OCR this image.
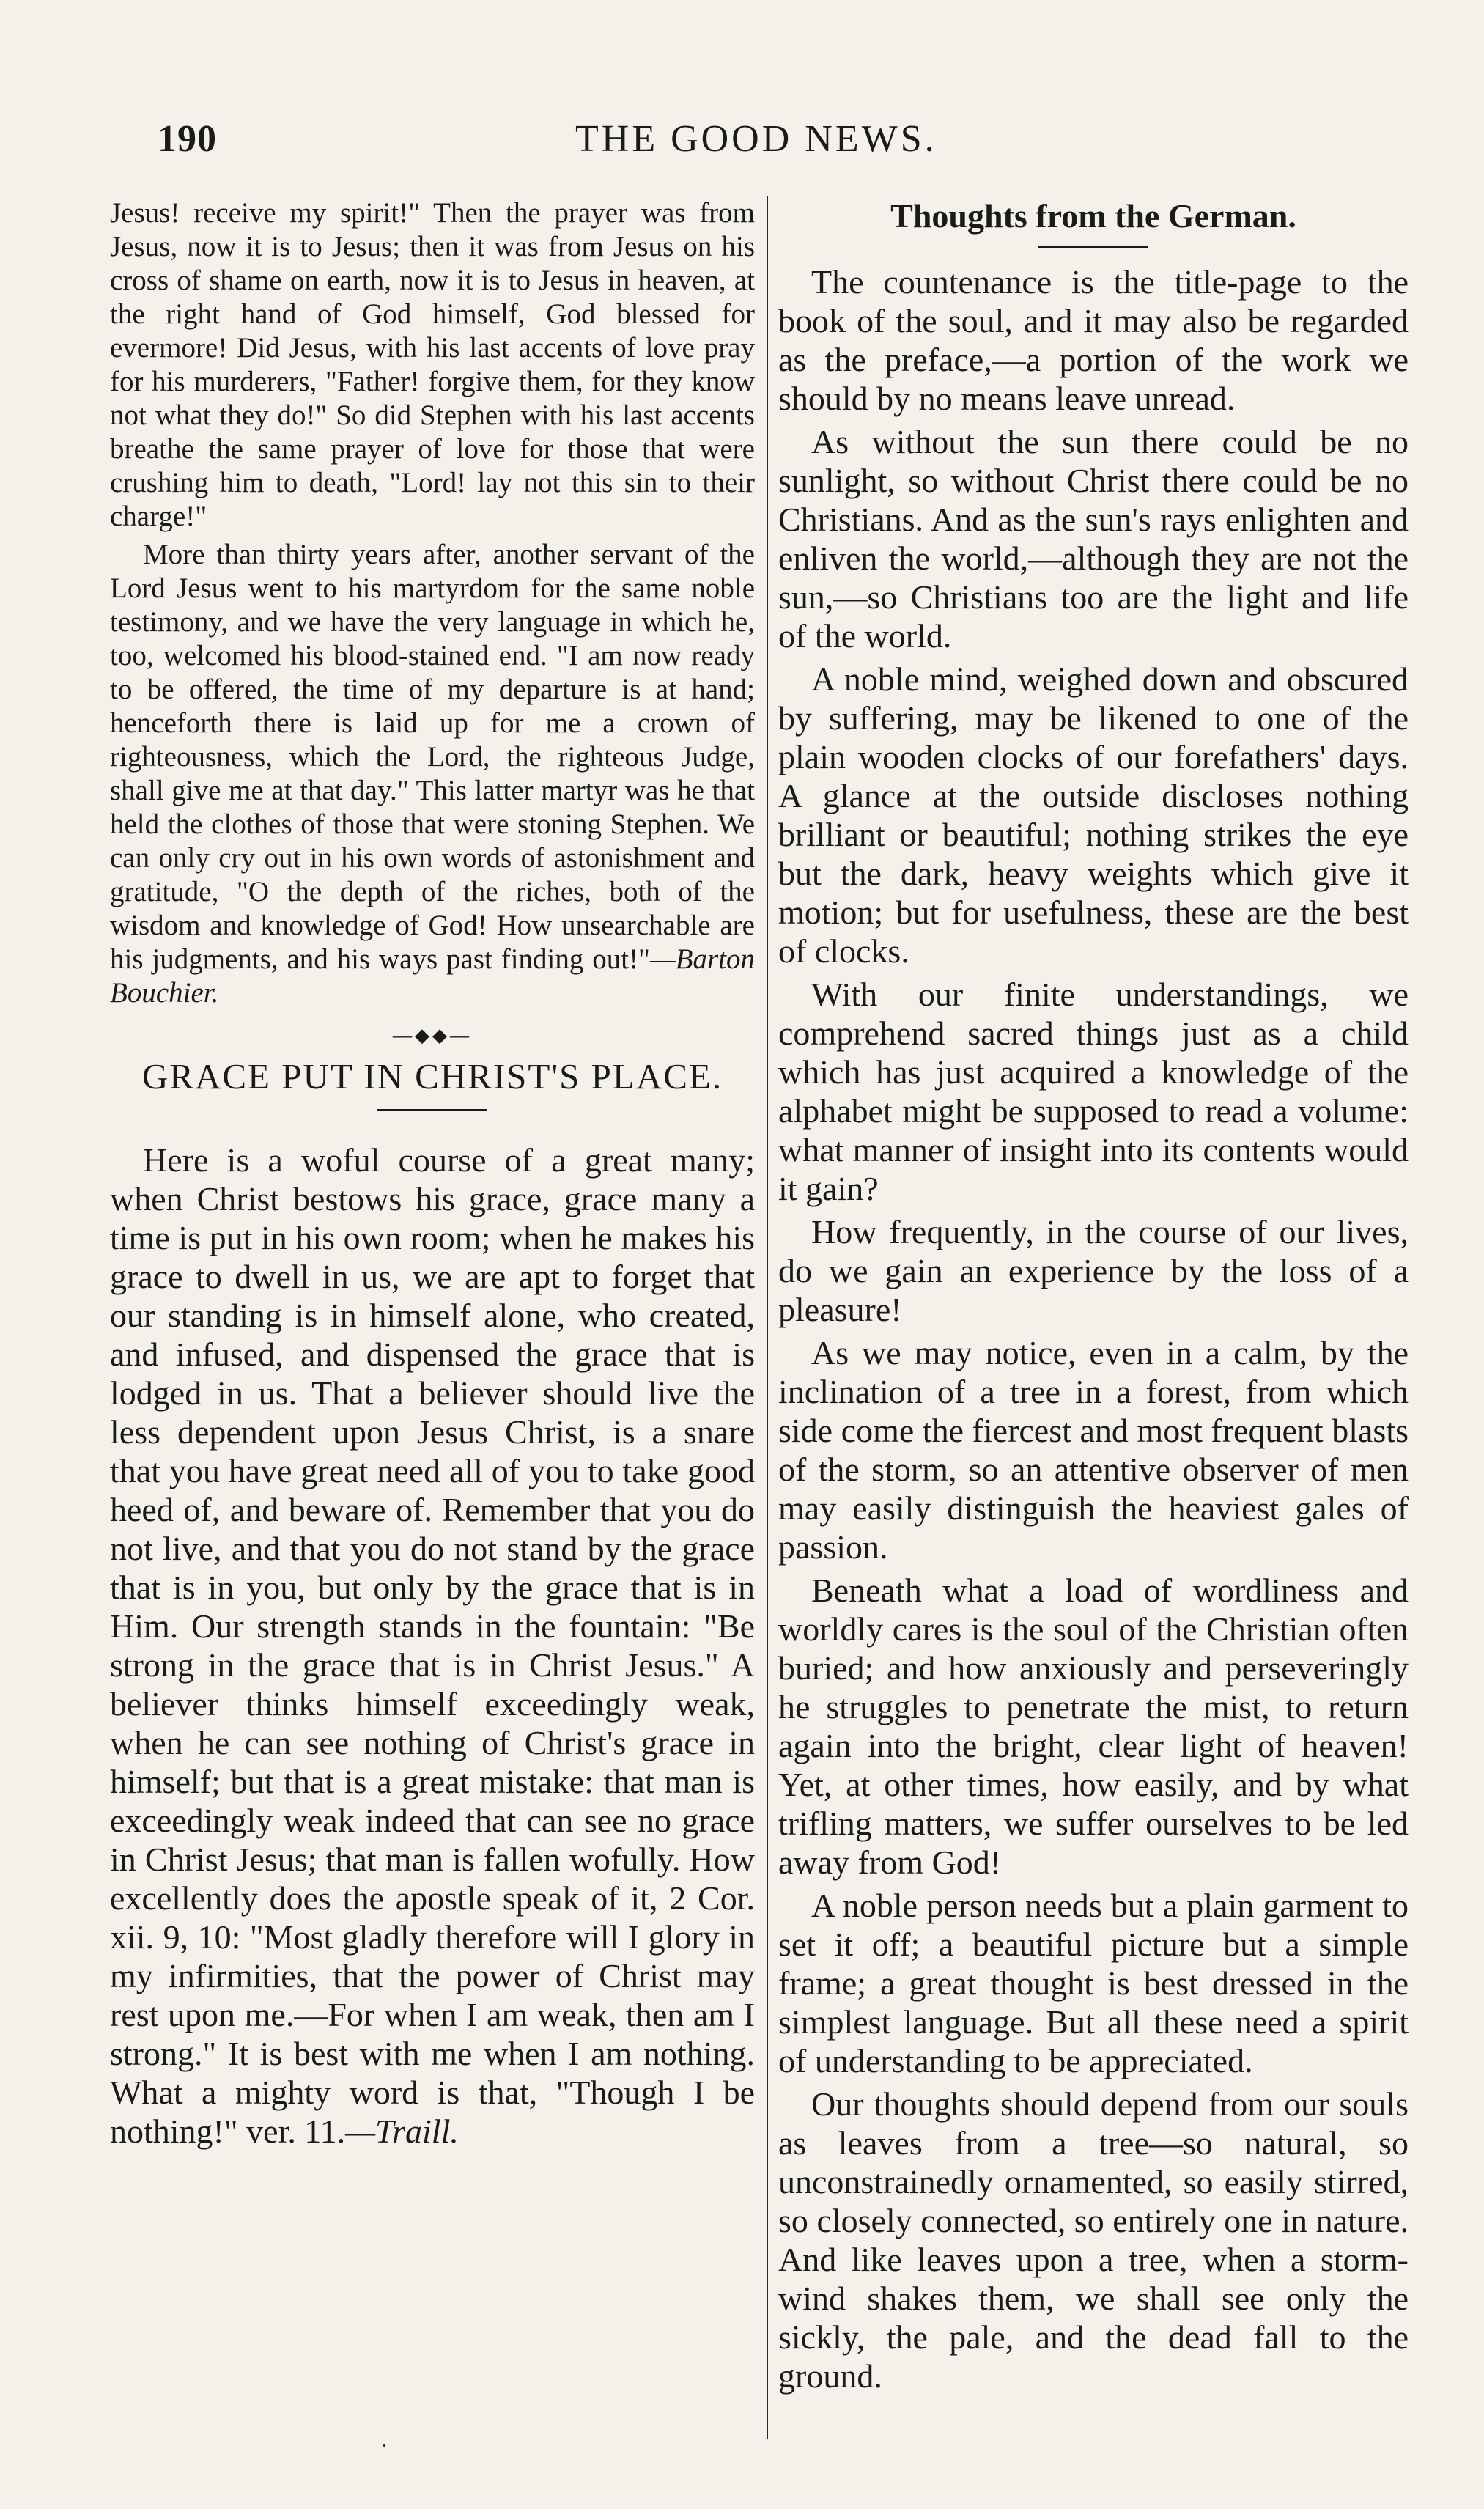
190	THE GOOD NEWS.

Jesus! receive my spirit!" Then the prayer was from Jesus, now it is to Jesus; then it was from Jesus on his cross of shame on earth, now it is to Jesus in heaven, at the right hand of God himself, God blessed for evermore! Did Jesus, with his last accents of love pray for his murderers, "Father! forgive them, for they know not what they do!" So did Stephen with his last accents breathe the same prayer of love for those that were crushing him to death, "Lord! lay not this sin to their charge!"

More than thirty years after, another servant of the Lord Jesus went to his martyrdom for the same noble testimony, and we have the very language in which he, too, welcomed his blood-stained end. "I am now ready to be offered, the time of my departure is at hand; henceforth there is laid up for me a crown of righteousness, which the Lord, the righteous Judge, shall give me at that day." This latter martyr was he that held the clothes of those that were stoning Stephen. We can only cry out in his own words of astonishment and gratitude, "O the depth of the riches, both of the wisdom and knowledge of God! How unsearchable are his judgments, and his ways past finding out!"—Barton Bouchier.

—◆◆—
GRACE PUT IN CHRIST'S PLACE.

Here is a woful course of a great many; when Christ bestows his grace, grace many a time is put in his own room; when he makes his grace to dwell in us, we are apt to forget that our standing is in himself alone, who created, and infused, and dispensed the grace that is lodged in us. That a believer should live the less dependent upon Jesus Christ, is a snare that you have great need all of you to take good heed of, and beware of. Remember that you do not live, and that you do not stand by the grace that is in you, but only by the grace that is in Him. Our strength stands in the fountain: "Be strong in the grace that is in Christ Jesus." A believer thinks himself exceedingly weak, when he can see nothing of Christ's grace in himself; but that is a great mistake: that man is exceedingly weak indeed that can see no grace in Christ Jesus; that man is fallen wofully. How excellently does the apostle speak of it, 2 Cor. xii. 9, 10: "Most gladly therefore will I glory in my infirmities, that the power of Christ may rest upon me.—For when I am weak, then am I strong." It is best with me when I am nothing. What a mighty word is that, "Though I be nothing!" ver. 11.—Traill.

Thoughts from the German.

The countenance is the title-page to the book of the soul, and it may also be regarded as the preface,—a portion of the work we should by no means leave unread.

As without the sun there could be no sunlight, so without Christ there could be no Christians. And as the sun's rays enlighten and enliven the world,—although they are not the sun,—so Christians too are the light and life of the world.

A noble mind, weighed down and obscured by suffering, may be likened to one of the plain wooden clocks of our forefathers' days. A glance at the outside discloses nothing brilliant or beautiful; nothing strikes the eye but the dark, heavy weights which give it motion; but for usefulness, these are the best of clocks.

With our finite understandings, we comprehend sacred things just as a child which has just acquired a knowledge of the alphabet might be supposed to read a volume: what manner of insight into its contents would it gain?

How frequently, in the course of our lives, do we gain an experience by the loss of a pleasure!

As we may notice, even in a calm, by the inclination of a tree in a forest, from which side come the fiercest and most frequent blasts of the storm, so an attentive observer of men may easily distinguish the heaviest gales of passion.

Beneath what a load of wordliness and worldly cares is the soul of the Christian often buried; and how anxiously and perseveringly he struggles to penetrate the mist, to return again into the bright, clear light of heaven! Yet, at other times, how easily, and by what trifling matters, we suffer ourselves to be led away from God!

A noble person needs but a plain garment to set it off; a beautiful picture but a simple frame; a great thought is best dressed in the simplest language. But all these need a spirit of understanding to be appreciated.

Our thoughts should depend from our souls as leaves from a tree—so natural, so unconstrainedly ornamented, so easily stirred, so closely connected, so entirely one in nature. And like leaves upon a tree, when a storm-wind shakes them, we shall see only the sickly, the pale, and the dead fall to the ground.

·
